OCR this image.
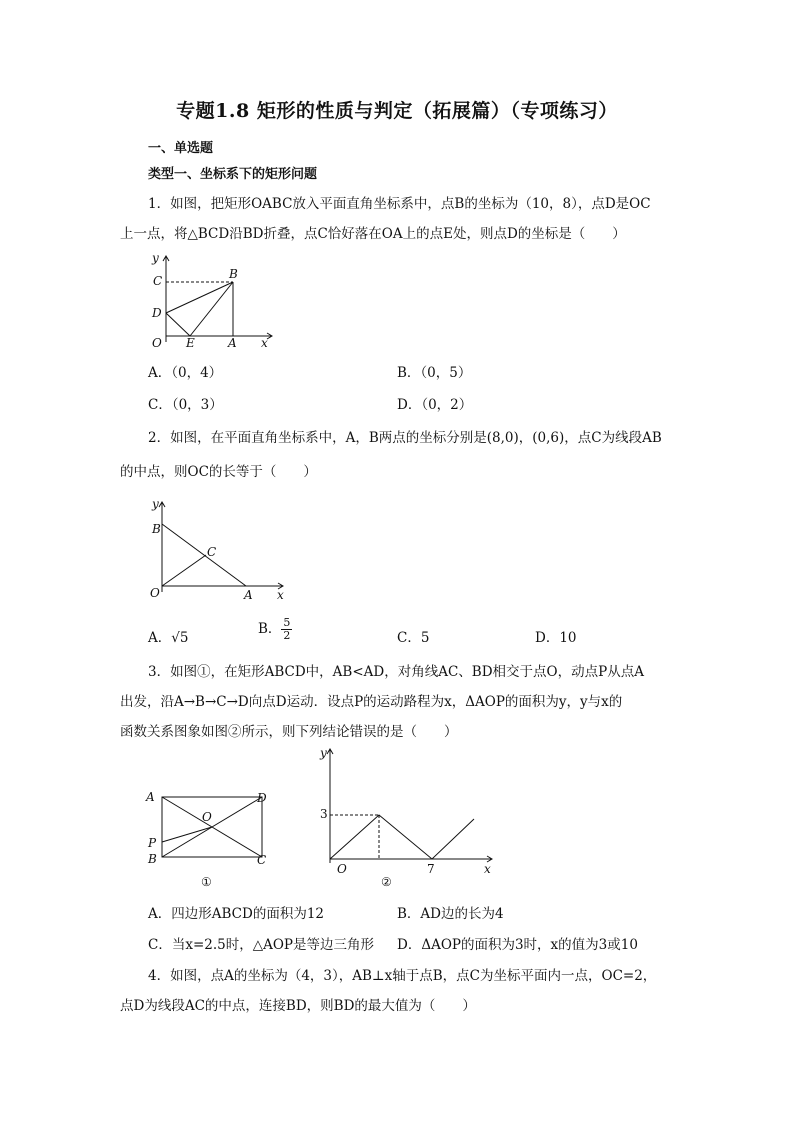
专题1.8 矩形的性质与判定（拓展篇）（专项练习）
一、单选题
类型一、坐标系下的矩形问题
1．如图，把矩形OABC放入平面直角坐标系中，点B的坐标为（10，8），点D是OC
上一点，将△BCD沿BD折叠，点C恰好落在OA上的点E处，则点D的坐标是（　　）
y
C	B
D
O E	A x
A．（0，4）	B．（0，5）
C．（0，3）	D．（0，2）
2．如图，在平面直角坐标系中，A，B两点的坐标分别是(8,0)，(0,6)，点C为线段AB
的中点，则OC的长等于（　　）
y
B
C
O	A x
A．√5
B． $\frac{5}{2}$	C．5	D．10
3．如图①，在矩形ABCD中，AB<AD，对角线AC、BD相交于点O，动点P从点A
出发，沿A→B→C→D向点D运动．设点P的运动路程为x，ΔAOP的面积为y，y与x的
函数关系图象如图②所示，则下列结论错误的是（　　）
A	D
O
P
B	C
①
y
3
O	7	x
②
A．四边形ABCD的面积为12	B．AD边的长为4
C．当x=2.5时，△AOP是等边三角形 D．ΔAOP的面积为3时，x的值为3或10
4．如图，点A的坐标为（4，3），AB⊥x轴于点B，点C为坐标平面内一点，OC=2，
点D为线段AC的中点，连接BD，则BD的最大值为（　　）
